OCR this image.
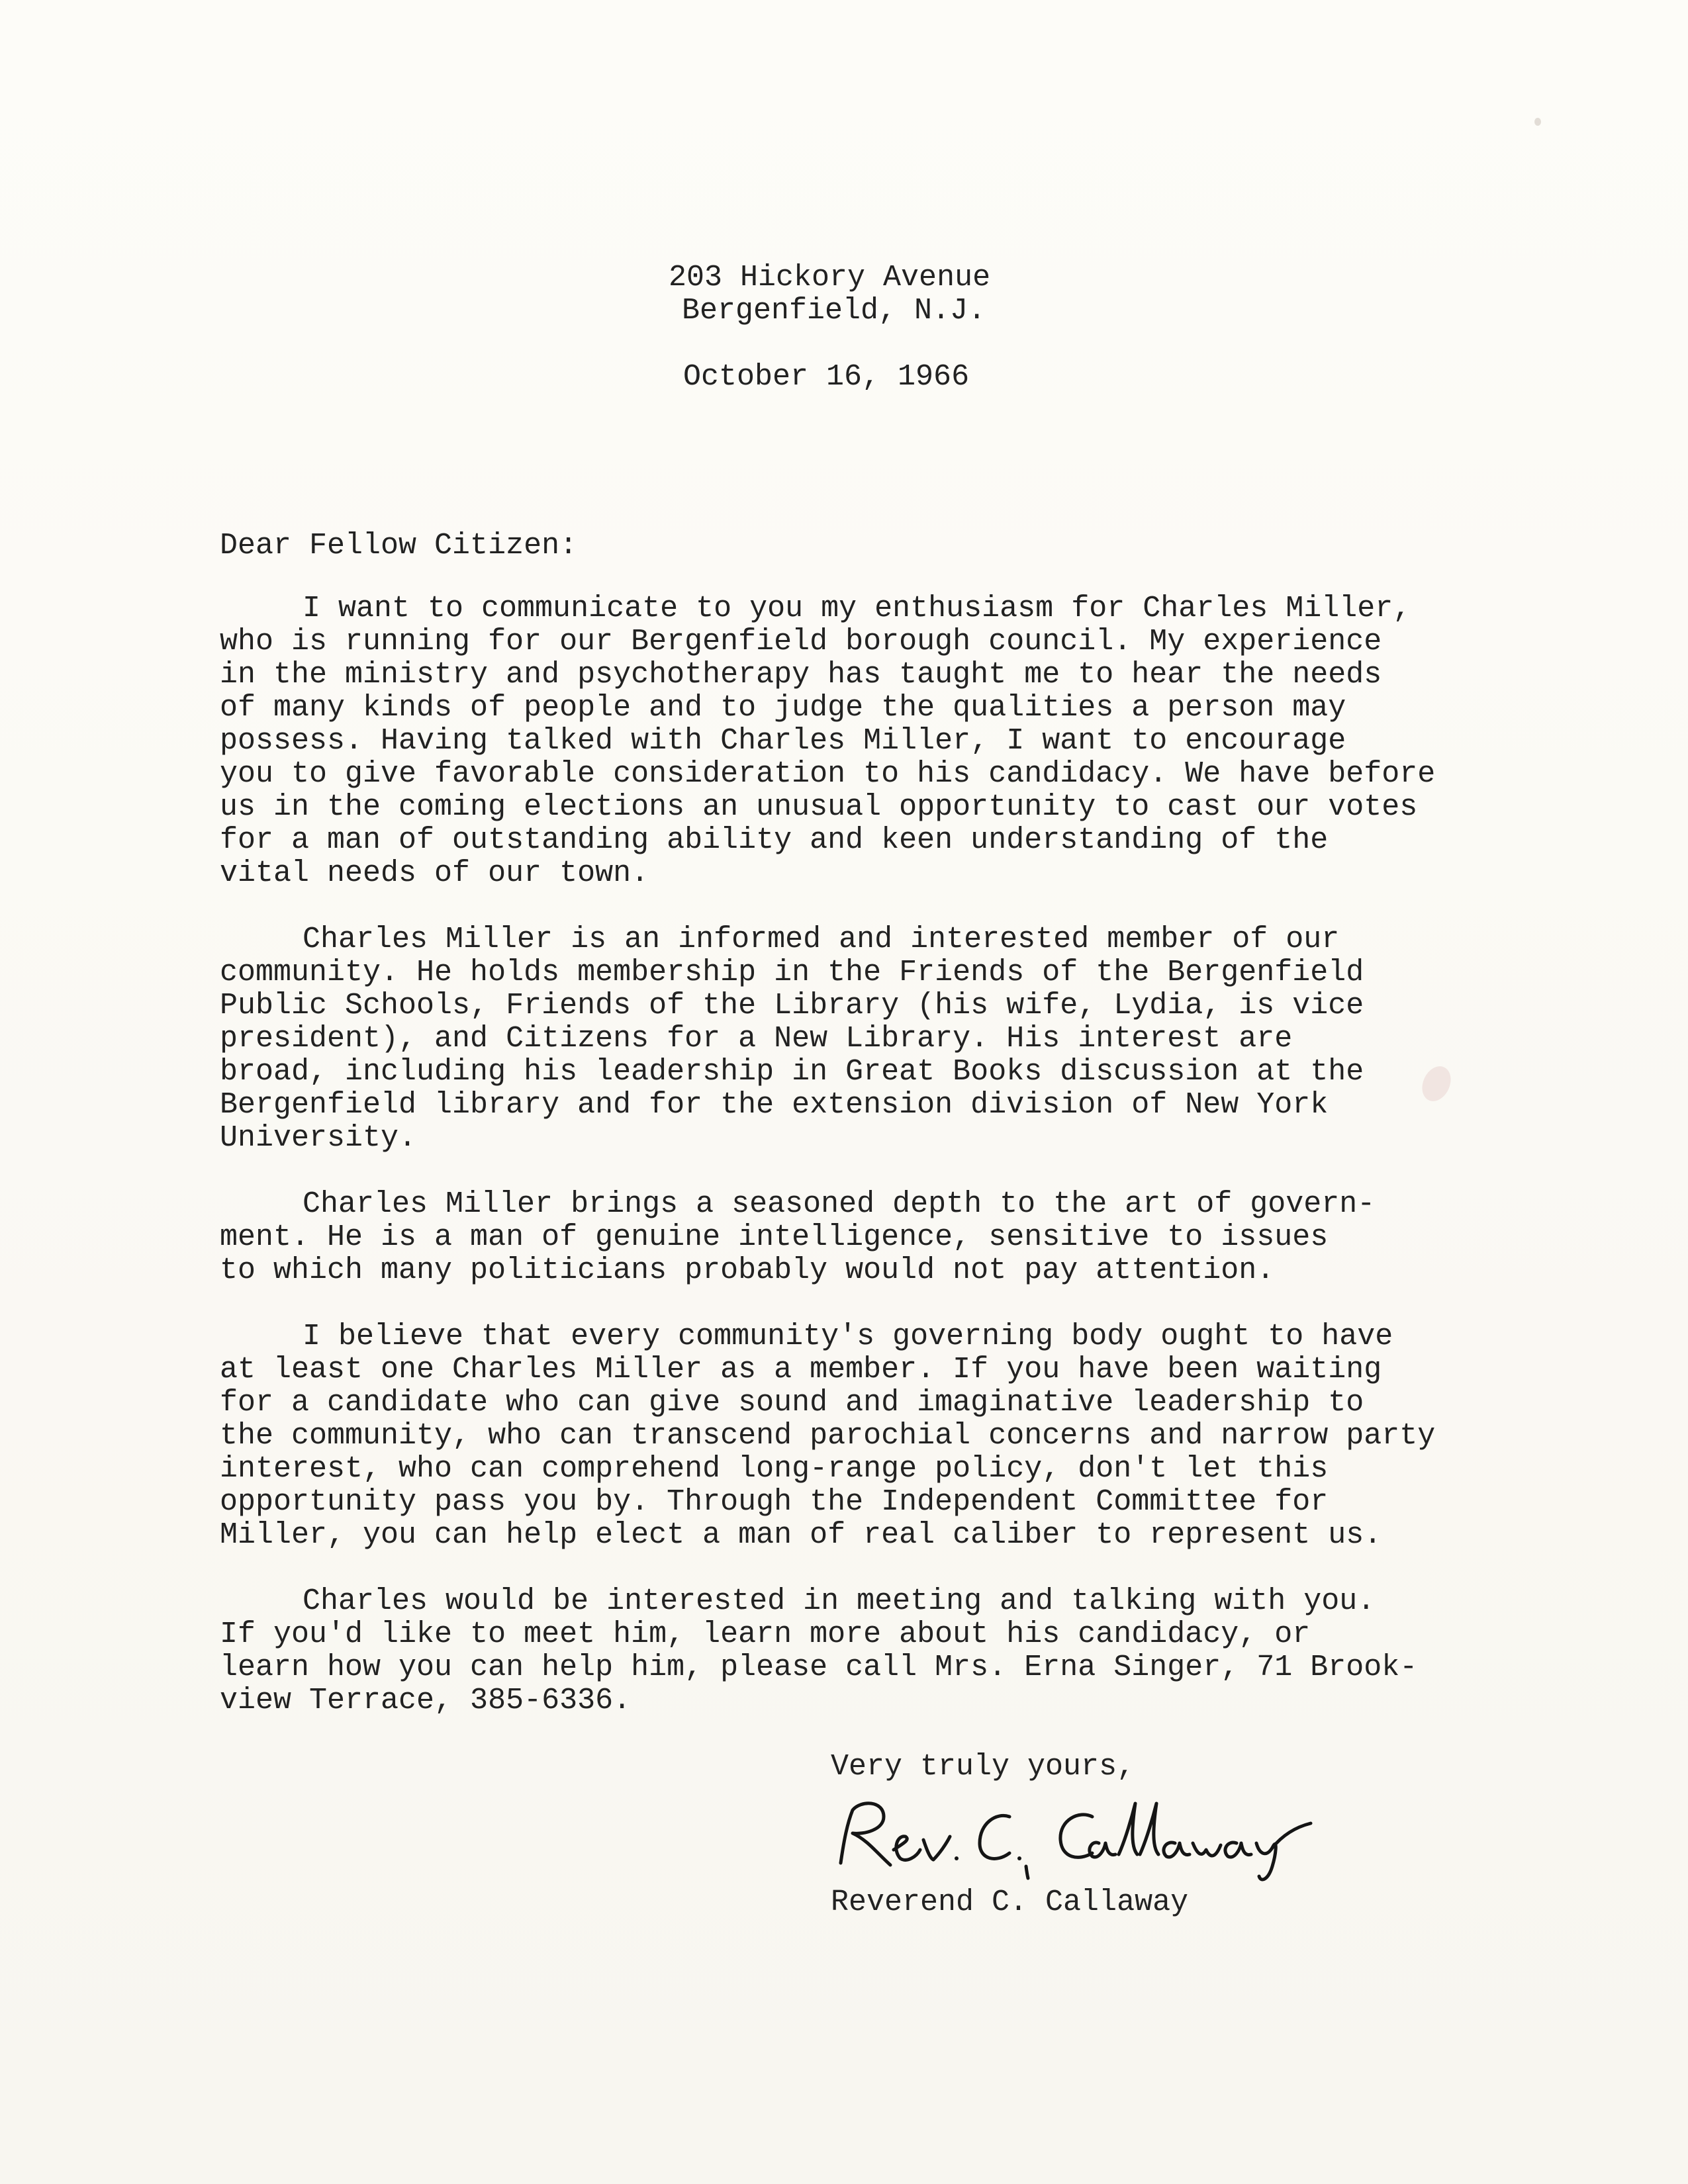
203 Hickory Avenue
Bergenfield, N.J.
October 16, 1966
Dear Fellow Citizen:
I want to communicate to you my enthusiasm for Charles Miller,
who is running for our Bergenfield borough council. My experience
in the ministry and psychotherapy has taught me to hear the needs
of many kinds of people and to judge the qualities a person may
possess. Having talked with Charles Miller, I want to encourage
you to give favorable consideration to his candidacy. We have before
us in the coming elections an unusual opportunity to cast our votes
for a man of outstanding ability and keen understanding of the
vital needs of our town.
Charles Miller is an informed and interested member of our
community. He holds membership in the Friends of the Bergenfield
Public Schools, Friends of the Library (his wife, Lydia, is vice
president), and Citizens for a New Library. His interest are
broad, including his leadership in Great Books discussion at the
Bergenfield library and for the extension division of New York
University.
Charles Miller brings a seasoned depth to the art of govern-
ment. He is a man of genuine intelligence, sensitive to issues
to which many politicians probably would not pay attention.
I believe that every community's governing body ought to have
at least one Charles Miller as a member. If you have been waiting
for a candidate who can give sound and imaginative leadership to
the community, who can transcend parochial concerns and narrow party
interest, who can comprehend long-range policy, don't let this
opportunity pass you by. Through the Independent Committee for
Miller, you can help elect a man of real caliber to represent us.
Charles would be interested in meeting and talking with you.
If you'd like to meet him, learn more about his candidacy, or
learn how you can help him, please call Mrs. Erna Singer, 71 Brook-
view Terrace, 385-6336.
Very truly yours,
Reverend C. Callaway
